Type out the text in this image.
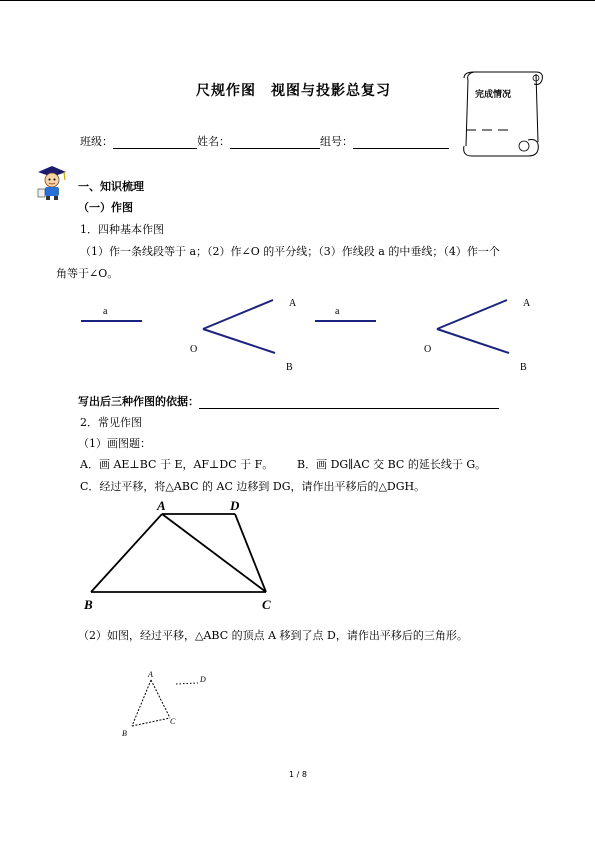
尺规作图　视图与投影总复习	完成情况
班级：	姓名：	组号：
一、知识梳理
（一）作图
1．四种基本作图
（1）作一条线段等于 a；（2）作∠O 的平分线；（3）作线段 a 的中垂线；（4）作一个
角等于∠O。
a
A
O
B
a
A
O
B
写出后三种作图的依据：
2．常见作图
（1）画图题：
A．画 AE⊥BC 于 E，AF⊥DC 于 F。 B．画 DG∥AC 交 BC 的延长线于 G。
C．经过平移，将△ABC 的 AC 边移到 DG，请作出平移后的△DGH。
A	D
B	C
（2）如图，经过平移，△ABC 的顶点 A 移到了点 D，请作出平移后的三角形。
A
D
B
C
1 / 8
